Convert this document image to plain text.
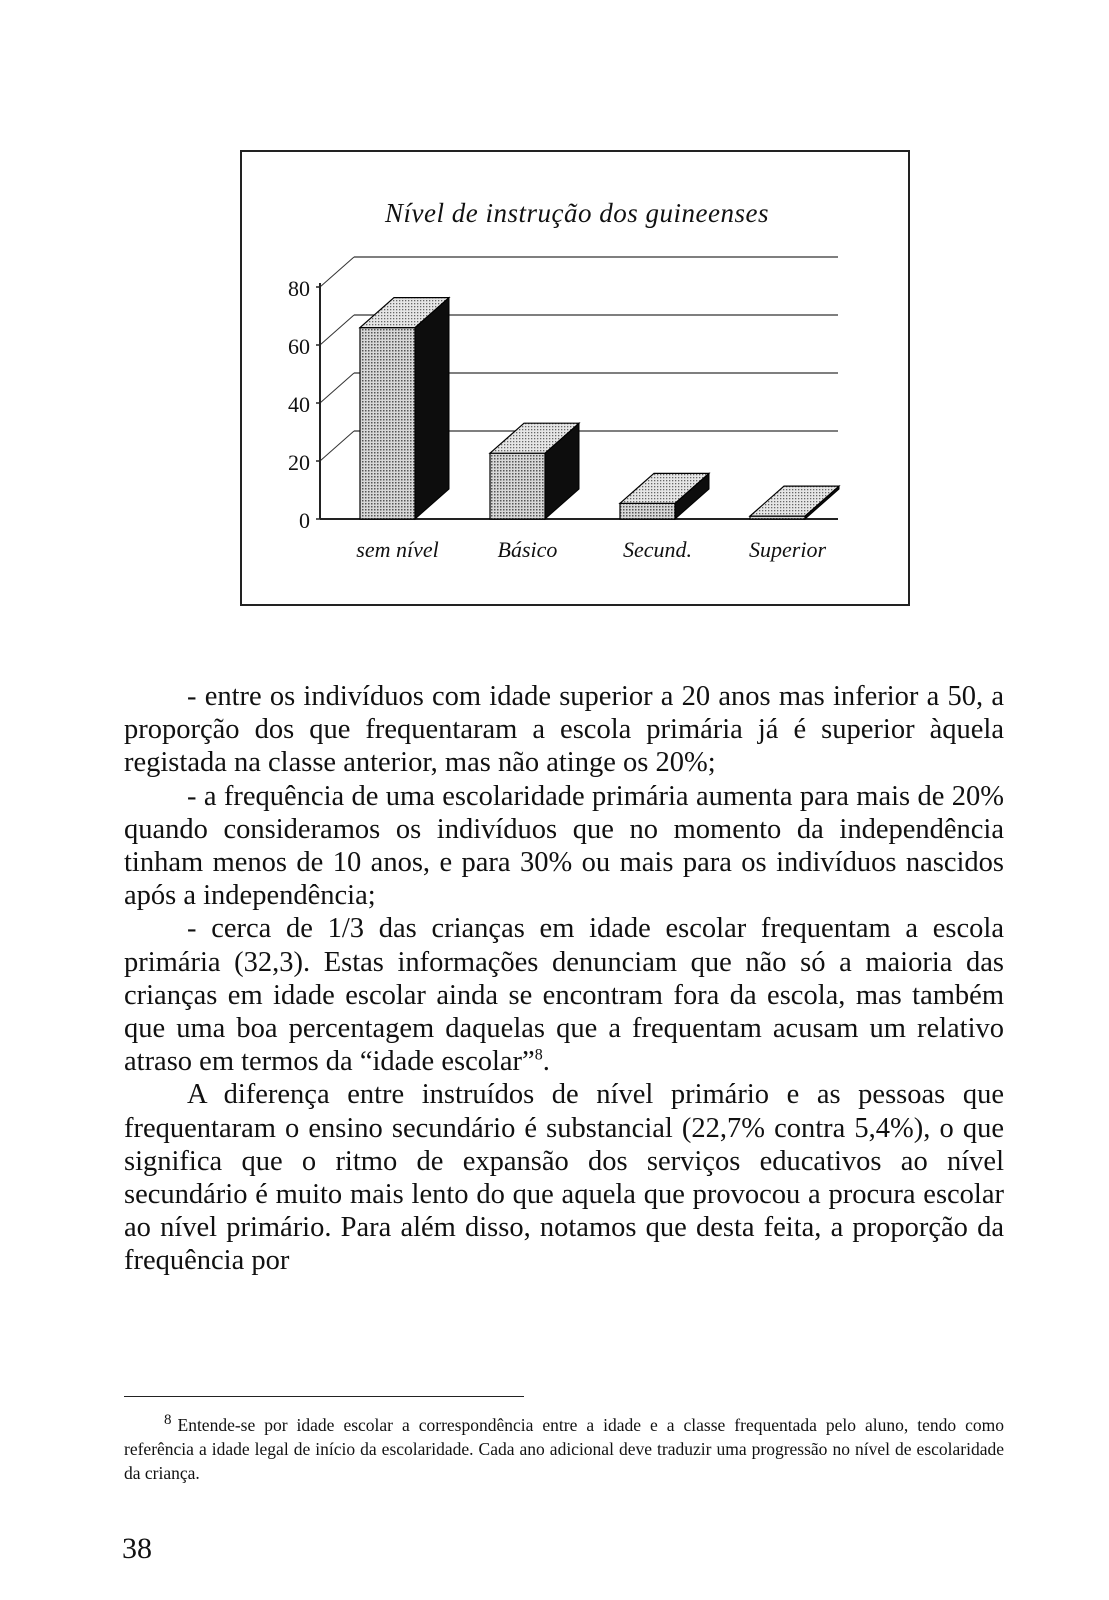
Nível de instrução dos guineenses
0
20
40
60
80
sem nível	Básico	Secund.	Superior

- entre os indivíduos com idade superior a 20 anos mas inferior a 50, a proporção dos que frequentaram a escola primária já é superior àquela registada na classe anterior, mas não atinge os 20%;

- a frequência de uma escolaridade primária aumenta para mais de 20% quando consideramos os indivíduos que no momento da independência tinham menos de 10 anos, e para 30% ou mais para os indivíduos nascidos após a independência;

- cerca de 1/3 das crianças em idade escolar frequentam a escola primária (32,3). Estas informações denunciam que não só a maioria das crianças em idade escolar ainda se encontram fora da escola, mas também que uma boa percentagem daquelas que a frequentam acusam um relativo atraso em termos da “idade escolar”$^8$.

A diferença entre instruídos de nível primário e as pessoas que frequentaram o ensino secundário é substancial (22,7% contra 5,4%), o que significa que o ritmo de expansão dos serviços educativos ao nível secundário é muito mais lento do que aquela que provocou a procura escolar ao nível primário. Para além disso, notamos que desta feita, a proporção da frequência por

8 Entende-se por idade escolar a correspondência entre a idade e a classe frequentada pelo aluno, tendo como referência a idade legal de início da escolaridade. Cada ano adicional deve traduzir uma progressão no nível de escolaridade da criança.
38
